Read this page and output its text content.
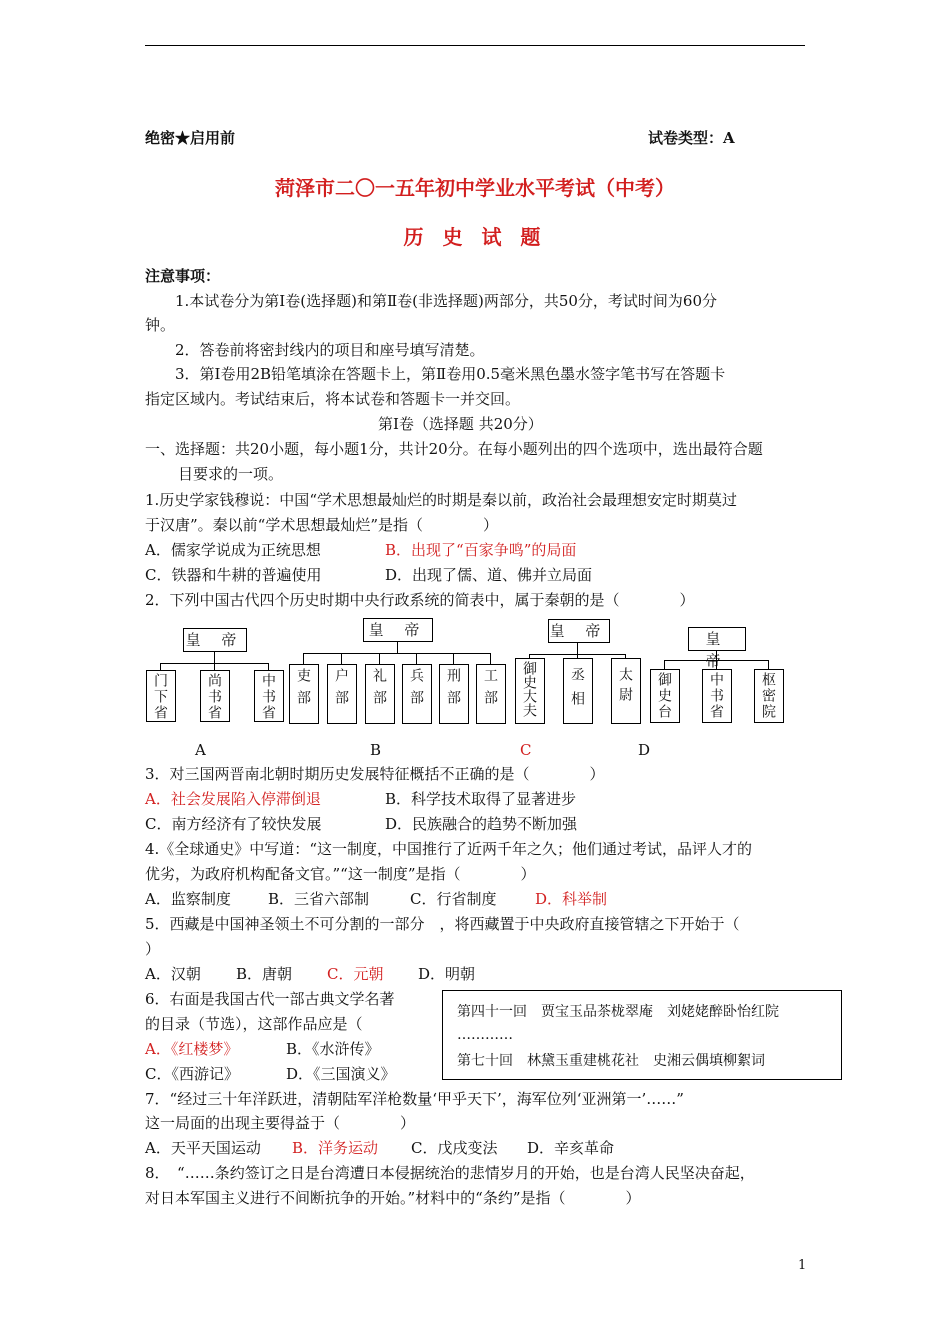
绝密★启用前	试卷类型：A
菏泽市二〇一五年初中学业水平考试（中考）
历 史 试 题
注意事项：
1.本试卷分为第Ⅰ卷(选择题)和第Ⅱ卷(非选择题)两部分，共50分，考试时间为60分
钟。
2．答卷前将密封线内的项目和座号填写清楚。
3．第Ⅰ卷用2B铅笔填涂在答题卡上，第Ⅱ卷用0.5毫米黑色墨水签字笔书写在答题卡
指定区域内。考试结束后，将本试卷和答题卡一并交回。
第Ⅰ卷（选择题 共20分）
一、选择题：共20小题，每小题1分，共计20分。在每小题列出的四个选项中，选出最符合题
目要求的一项。
1.历史学家钱穆说：中国“学术思想最灿烂的时期是秦以前，政治社会最理想安定时期莫过
于汉唐”。秦以前“学术思想最灿烂”是指（　　　　）
A．儒家学说成为正统思想	B．出现了“百家争鸣”的局面
C．铁器和牛耕的普遍使用	D．出现了儒、道、佛并立局面
2．下列中国古代四个历史时期中央行政系统的简表中，属于秦朝的是（　　　　）
皇 帝
门下省	尚书省	中书省
皇 帝
吏部 户部 礼部 兵部 刑部 工部
皇 帝
御史大夫 丞相 太尉
皇
御史台	中书省	枢密院
A	B	C	D
3．对三国两晋南北朝时期历史发展特征概括不正确的是（　　　　）
A．社会发展陷入停滞倒退	B．科学技术取得了显著进步
C．南方经济有了较快发展	D．民族融合的趋势不断加强
4.《全球通史》中写道：“这一制度，中国推行了近两千年之久；他们通过考试，品评人才的
优劣，为政府机构配备文官。”“这一制度”是指（　　　　）
A．监察制度 B．三省六部制	C．行省制度	D．科举制
5．西藏是中国神圣领土不可分割的一部分　，将西藏置于中央政府直接管辖之下开始于（
）
A．汉朝 B．唐朝 C．元朝 D．明朝
6．右面是我国古代一部古典文学名著
的目录（节选），这部作品应是（
A．《红楼梦》	B．《水浒传》
C．《西游记》	D．《三国演义》
第四十一回　贾宝玉品茶栊翠庵　刘姥姥醉卧怡红院
…………
第七十回　林黛玉重建桃花社　史湘云偶填柳絮词
7．“经过三十年洋跃进，清朝陆军洋枪数量‘甲乎天下’，海军位列‘亚洲第一’……”
这一局面的出现主要得益于（　　　　）
A．天平天国运动 B．洋务运动 C．戊戌变法 D．辛亥革命
8．　“……条约签订之日是台湾遭日本侵据统治的悲情岁月的开始，也是台湾人民坚决奋起，
对日本军国主义进行不间断抗争的开始。”材料中的“条约”是指（　　　　）
1
